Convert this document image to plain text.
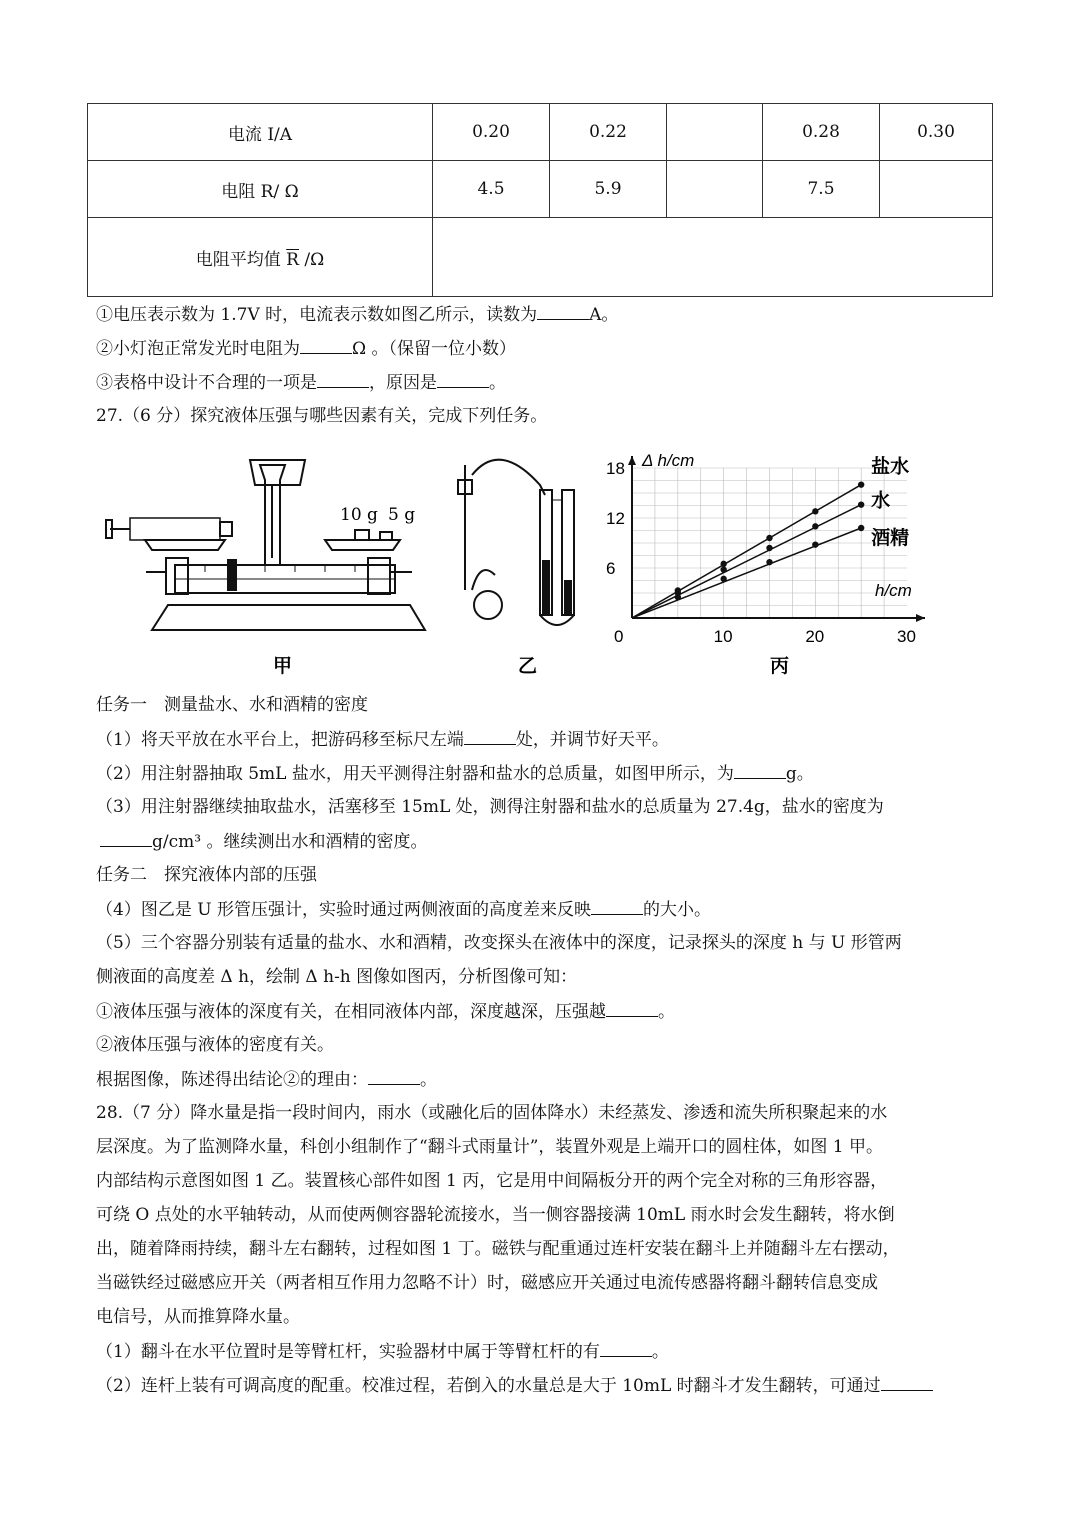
电流 I/A	0.20	0.22		0.28	0.30
电阻 R/ Ω	4.5	5.9		7.5	
电阻平均值 $\overline{R}$ /Ω					
①电压表示数为 1.7V 时，电流表示数如图乙所示，读数为	A。
②小灯泡正常发光时电阻为	Ω 。（保留一位小数）
③表格中设计不合理的一项是	，原因是	。
27.（6 分）探究液体压强与哪些因素有关，完成下列任务。
10 g 5 g
甲	乙
0	10	20	30
6
12
18 Δ h/cm
h/cm
盐水
水
酒精
丙
任务一　测量盐水、水和酒精的密度
（1）将天平放在水平台上，把游码移至标尺左端	处，并调节好天平。
（2）用注射器抽取 5mL 盐水，用天平测得注射器和盐水的总质量，如图甲所示，为	g。
（3）用注射器继续抽取盐水，活塞移至 15mL 处，测得注射器和盐水的总质量为 27.4g，盐水的密度为
g/cm³ 。继续测出水和酒精的密度。
任务二　探究液体内部的压强
（4）图乙是 U 形管压强计，实验时通过两侧液面的高度差来反映	的大小。
（5）三个容器分别装有适量的盐水、水和酒精，改变探头在液体中的深度，记录探头的深度 h 与 U 形管两
侧液面的高度差 Δ h，绘制 Δ h-h 图像如图丙，分析图像可知：
①液体压强与液体的深度有关，在相同液体内部，深度越深，压强越	。
②液体压强与液体的密度有关。
根据图像，陈述得出结论②的理由：	。
28.（7 分）降水量是指一段时间内，雨水（或融化后的固体降水）未经蒸发、渗透和流失所积聚起来的水
层深度。为了监测降水量，科创小组制作了“翻斗式雨量计”，装置外观是上端开口的圆柱体，如图 1 甲。
内部结构示意图如图 1 乙。装置核心部件如图 1 丙，它是用中间隔板分开的两个完全对称的三角形容器，
可绕 O 点处的水平轴转动，从而使两侧容器轮流接水，当一侧容器接满 10mL 雨水时会发生翻转，将水倒
出，随着降雨持续，翻斗左右翻转，过程如图 1 丁。磁铁与配重通过连杆安装在翻斗上并随翻斗左右摆动，
当磁铁经过磁感应开关（两者相互作用力忽略不计）时，磁感应开关通过电流传感器将翻斗翻转信息变成
电信号，从而推算降水量。
（1）翻斗在水平位置时是等臂杠杆，实验器材中属于等臂杠杆的有	。
（2）连杆上装有可调高度的配重。校准过程，若倒入的水量总是大于 10mL 时翻斗才发生翻转，可通过
